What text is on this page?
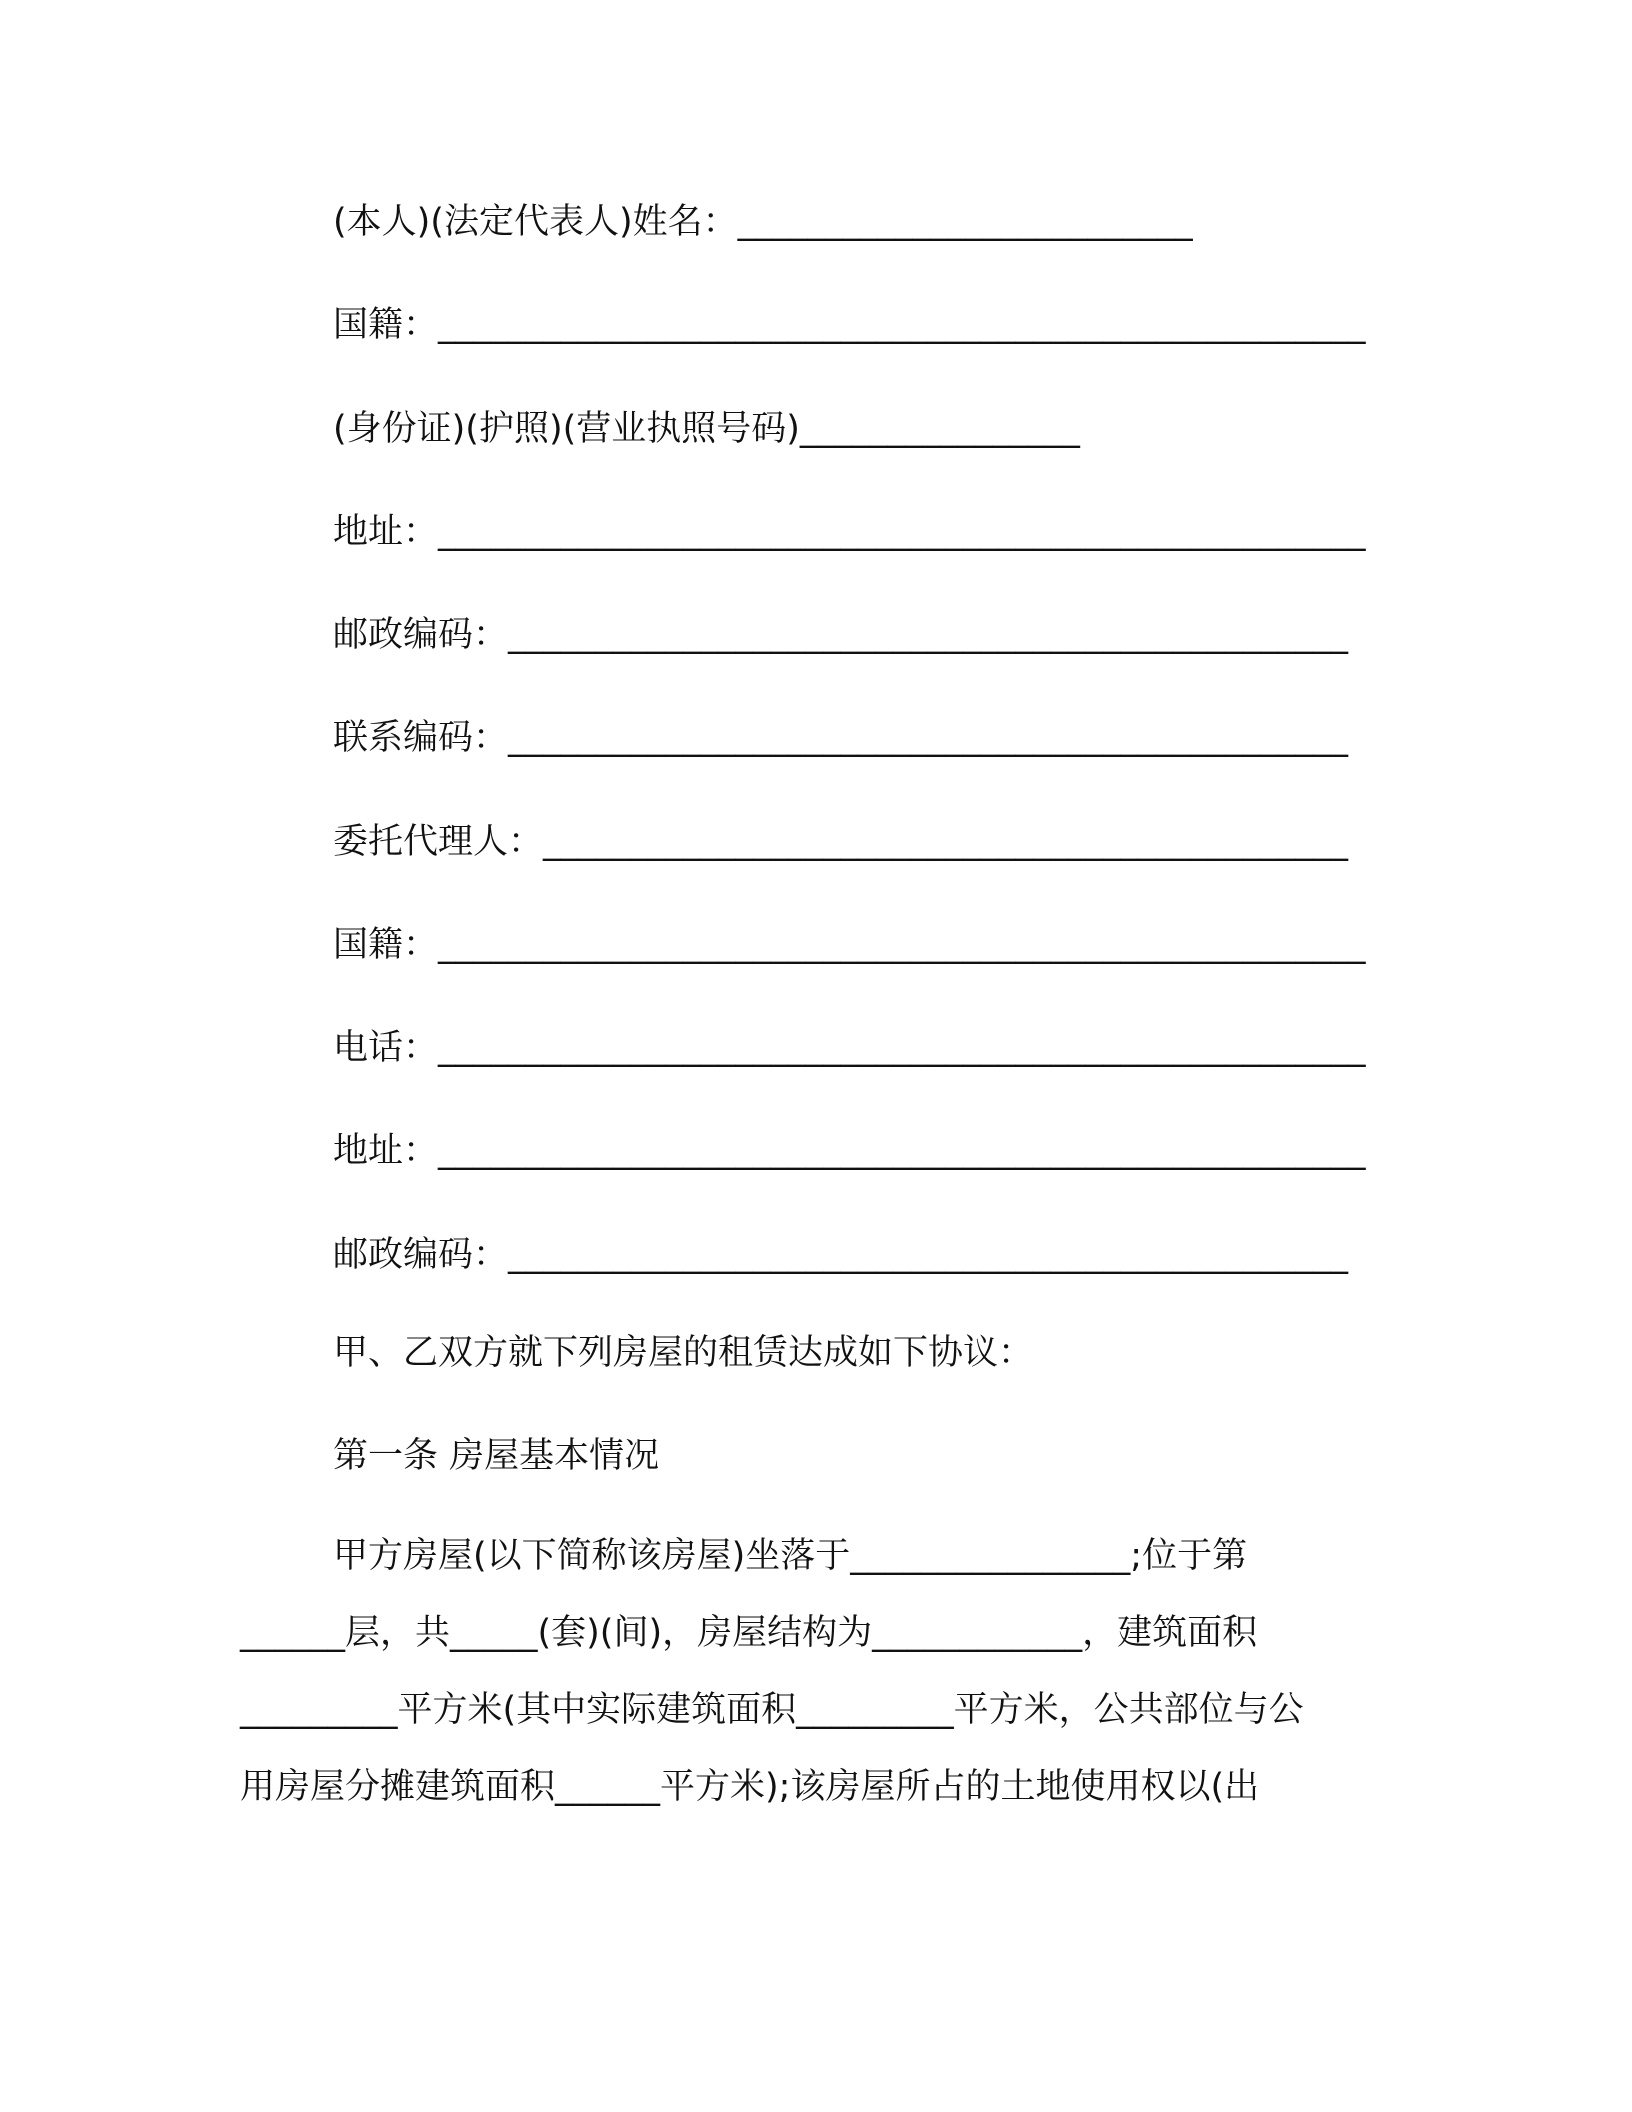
(本人)(法定代表人)姓名：__________________________
国籍：_____________________________________________________
(身份证)(护照)(营业执照号码)________________
地址：_____________________________________________________
邮政编码：________________________________________________
联系编码：________________________________________________
委托代理人：______________________________________________
国籍：_____________________________________________________
电话：_____________________________________________________
地址：_____________________________________________________
邮政编码：________________________________________________
甲、乙双方就下列房屋的租赁达成如下协议：
第一条 房屋基本情况
甲方房屋(以下简称该房屋)坐落于________________;位于第
______层，共_____(套)(间)，房屋结构为____________，建筑面积
_________平方米(其中实际建筑面积_________平方米，公共部位与公
用房屋分摊建筑面积______平方米);该房屋所占的土地使用权以(出
